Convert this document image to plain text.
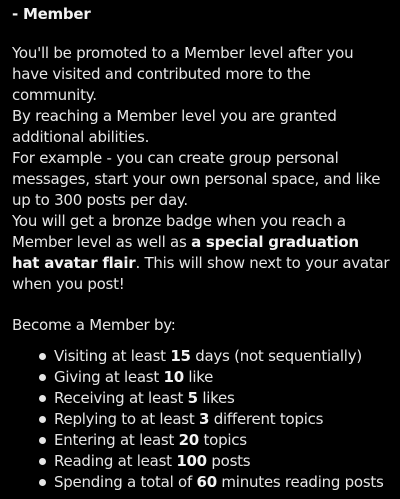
- Member
You'll be promoted to a Member level after you have visited and contributed more to the community.
By reaching a Member level you are granted additional abilities.
For example - you can create group personal messages, start your own personal space, and like up to 300 posts per day.
You will get a bronze badge when you reach a Member level as well as a special graduation hat avatar flair. This will show next to your avatar when you post!
Become a Member by:
Visiting at least 15 days (not sequentially)
Giving at least 10 like
Receiving at least 5 likes
Replying to at least 3 different topics
Entering at least 20 topics
Reading at least 100 posts
Spending a total of 60 minutes reading posts
